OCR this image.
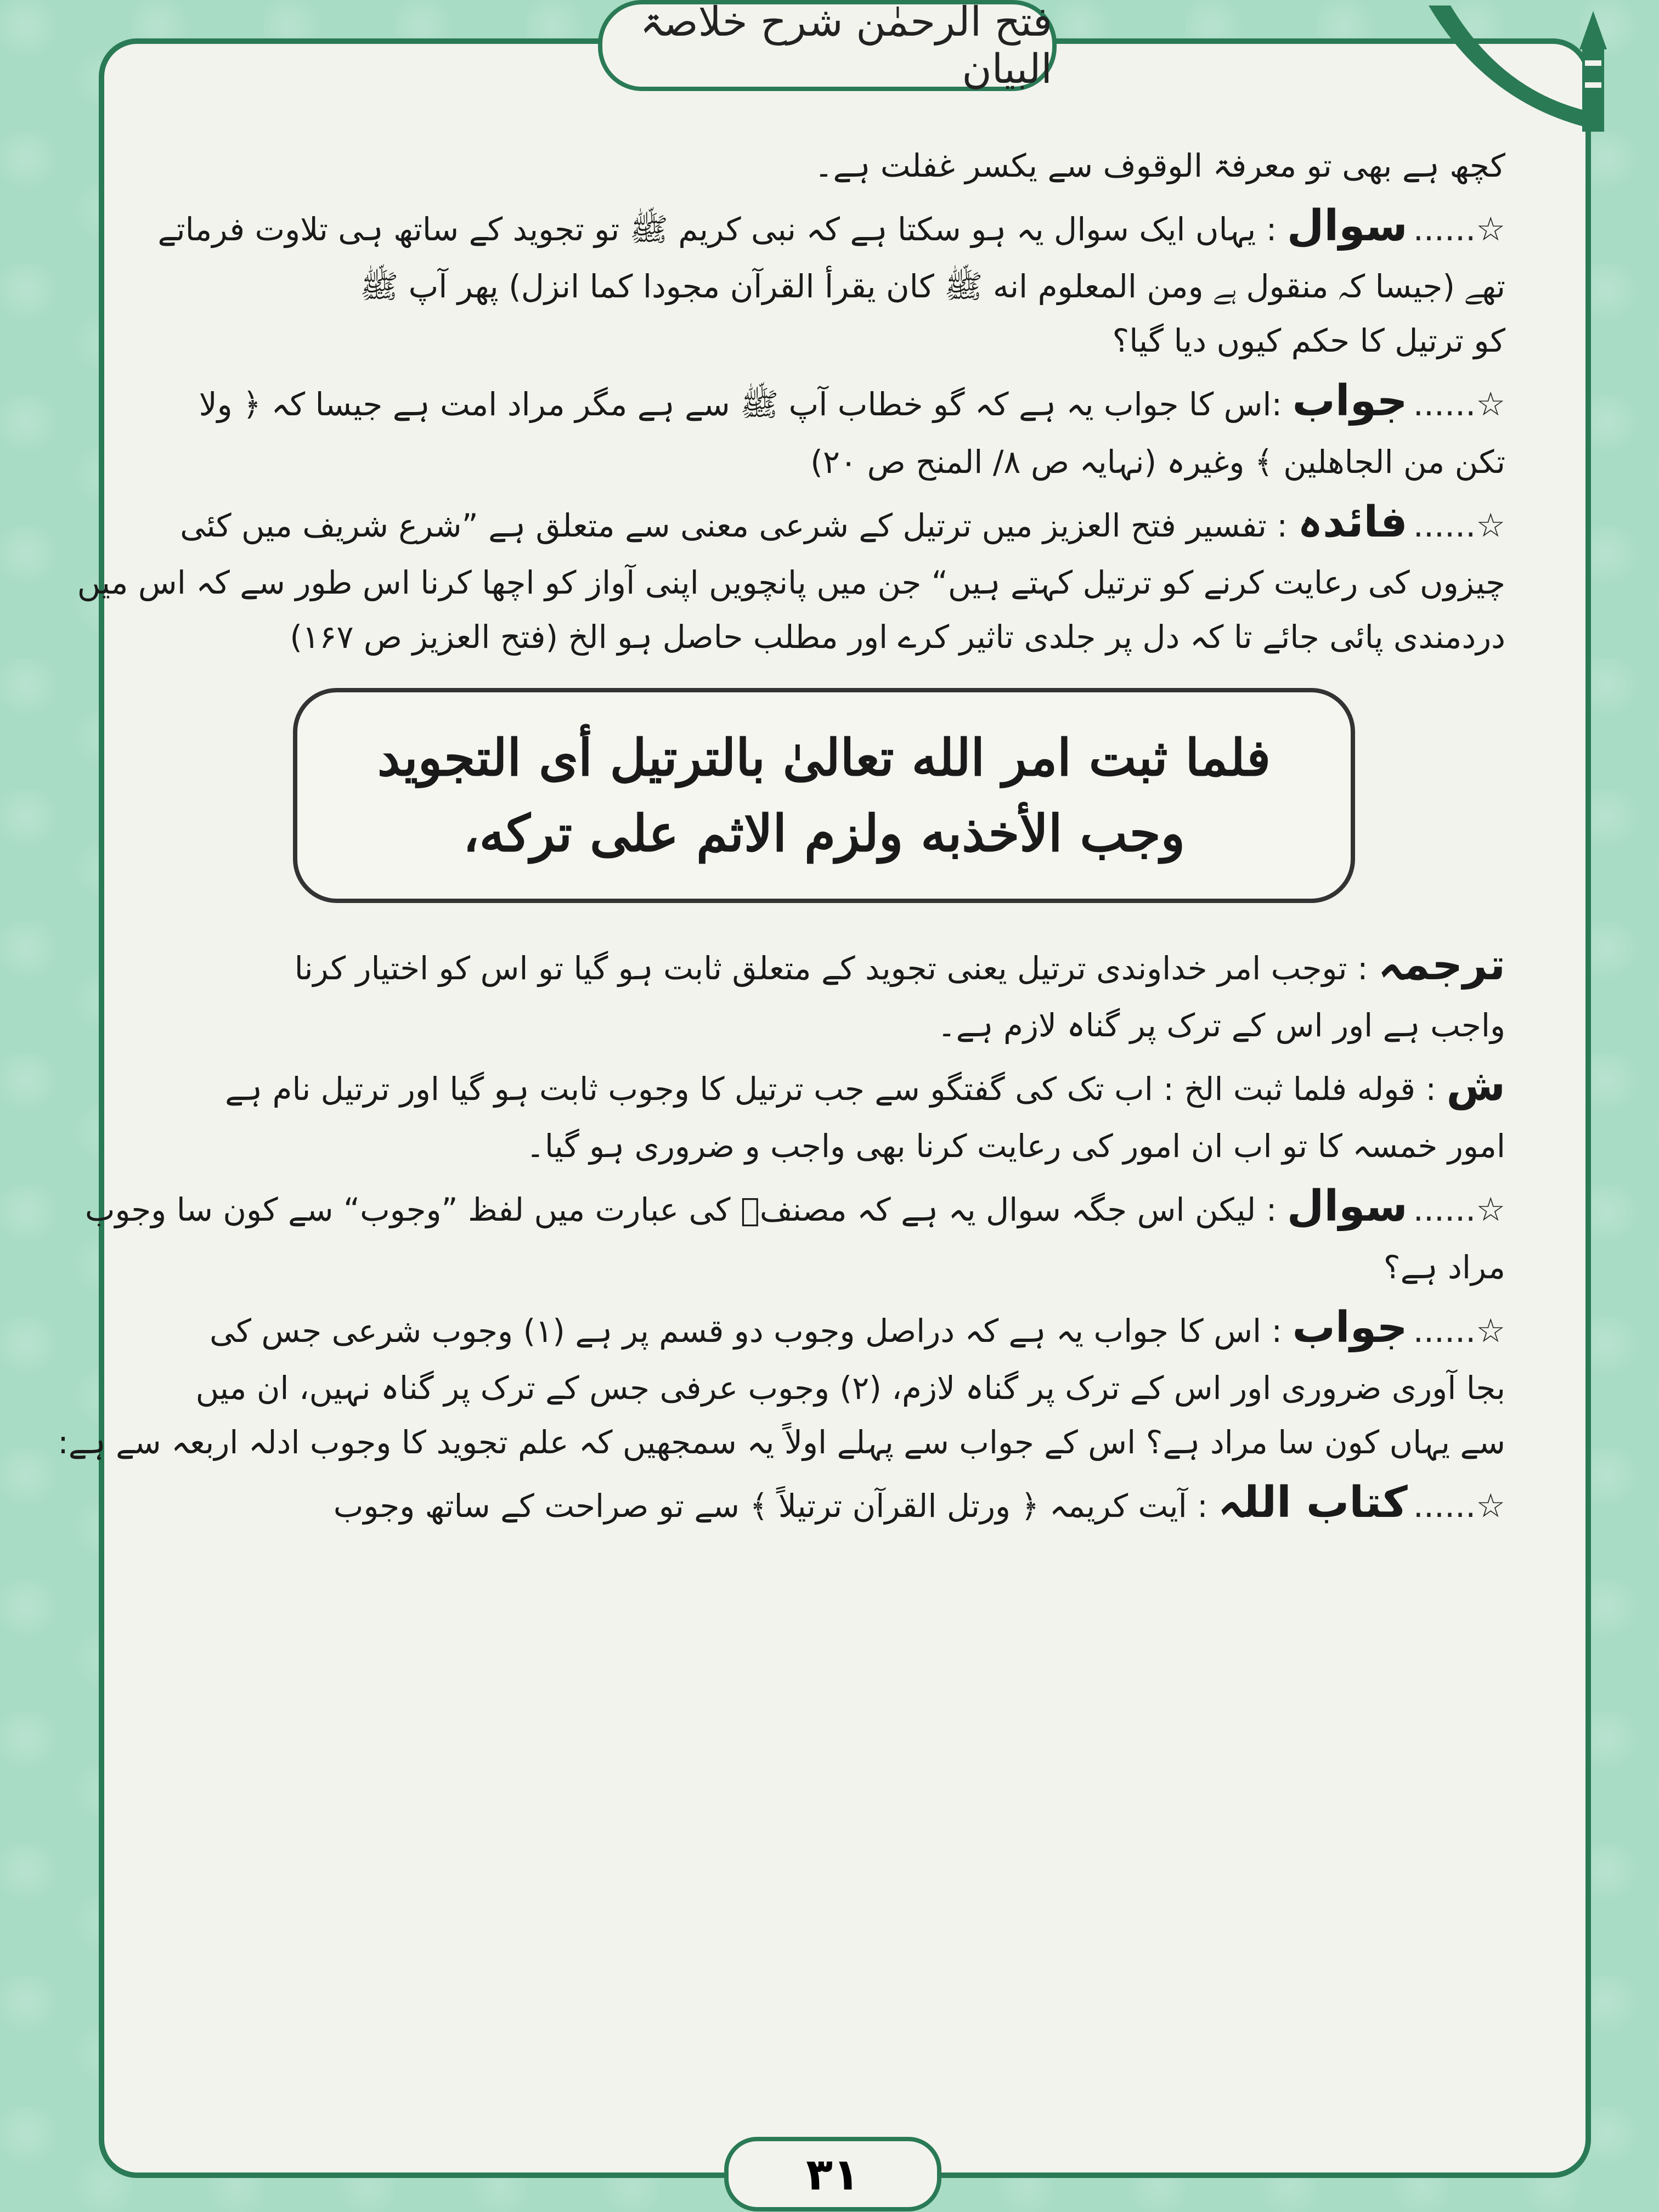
فتح الرحمٰن شرح خلاصۃ البیان
کچھ ہے بھی تو معرفۃ الوقوف سے یکسر غفلت ہے۔
☆......سوال : یہاں ایک سوال یہ ہو سکتا ہے کہ نبی کریم ﷺ تو تجوید کے ساتھ ہی تلاوت فرماتے
تھے (جیسا کہ منقول ہے ومن المعلوم انه ﷺ کان یقرأ القرآن مجودا کما انزل) پھر آپ ﷺ
کو ترتیل کا حکم کیوں دیا گیا؟
☆......جواب :اس کا جواب یہ ہے کہ گو خطاب آپ ﷺ سے ہے مگر مراد امت ہے جیسا کہ ﴿ ولا
تکن من الجاهلین ﴾ وغیرہ (نہایہ ص ۸/ المنح ص ۲۰)
☆......فائدہ : تفسیر فتح العزیز میں ترتیل کے شرعی معنی سے متعلق ہے ”شرع شریف میں کئی
چیزوں کی رعایت کرنے کو ترتیل کہتے ہیں“ جن میں پانچویں اپنی آواز کو اچھا کرنا اس طور سے کہ اس میں
دردمندی پائی جائے تا کہ دل پر جلدی تاثیر کرے اور مطلب حاصل ہو الخ (فتح العزیز ص ۱۶۷)
فلما ثبت امر الله تعالىٰ بالترتيل أى التجويد
وجب الأخذبه ولزم الاثم على تركه،
ترجمہ : توجب امر خداوندی ترتیل یعنی تجوید کے متعلق ثابت ہو گیا تو اس کو اختیار کرنا
واجب ہے اور اس کے ترک پر گناہ لازم ہے۔
ش : قوله فلما ثبت الخ : اب تک کی گفتگو سے جب ترتیل کا وجوب ثابت ہو گیا اور ترتیل نام ہے
امور خمسہ کا تو اب ان امور کی رعایت کرنا بھی واجب و ضروری ہو گیا۔
☆......سوال : لیکن اس جگہ سوال یہ ہے کہ مصنفؒ کی عبارت میں لفظ ”وجوب“ سے کون سا وجوب
مراد ہے؟
☆......جواب : اس کا جواب یہ ہے کہ دراصل وجوب دو قسم پر ہے (۱) وجوب شرعی جس کی
بجا آوری ضروری اور اس کے ترک پر گناہ لازم، (۲) وجوب عرفی جس کے ترک پر گناہ نہیں، ان میں
سے یہاں کون سا مراد ہے؟ اس کے جواب سے پہلے اولاً یہ سمجھیں کہ علم تجوید کا وجوب ادلہ اربعہ سے ہے:
☆......کتاب اللہ : آیت کریمہ ﴿ ورتل القرآن ترتیلاً ﴾ سے تو صراحت کے ساتھ وجوب
۳۱
